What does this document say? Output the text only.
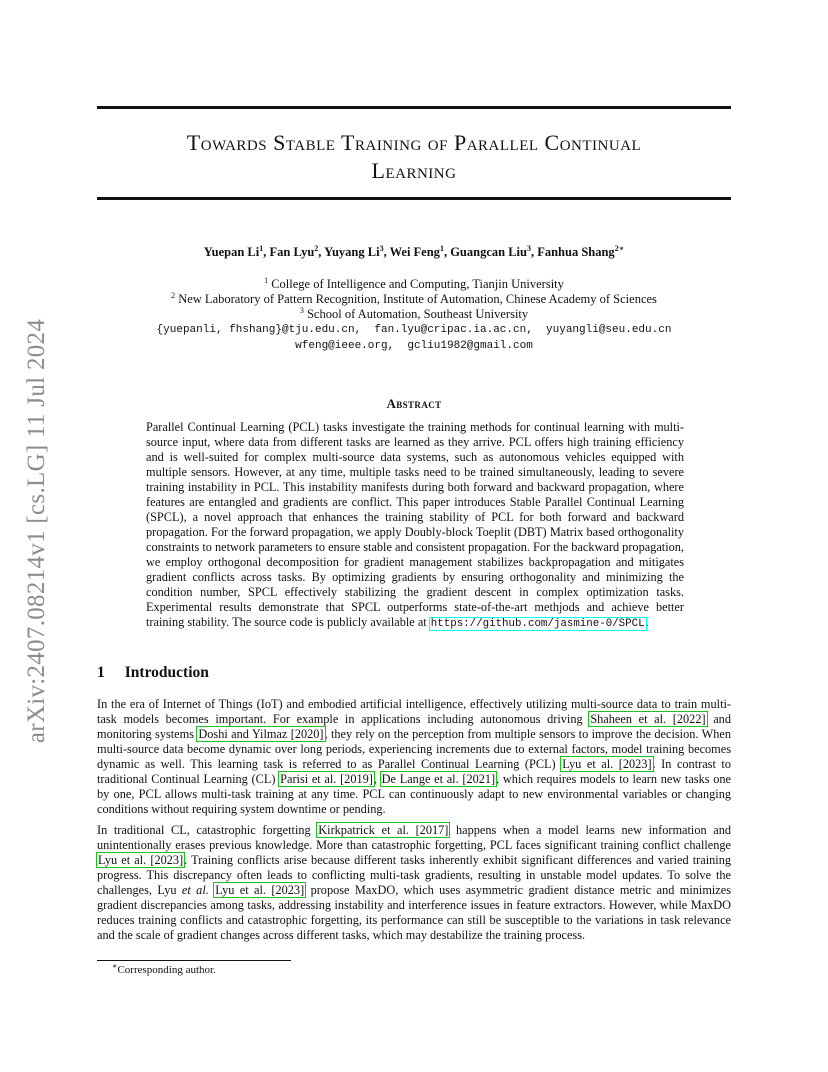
arXiv:2407.08214v1 [cs.LG] 11 Jul 2024
Towards Stable Training of Parallel Continual
Learning
Yuepan Li$^1$, Fan Lyu$^2$, Yuyang Li$^3$, Wei Feng$^1$, Guangcan Liu$^3$, Fanhua Shang$^{2∗}$
$^1$ College of Intelligence and Computing, Tianjin University
$^2$ New Laboratory of Pattern Recognition, Institute of Automation, Chinese Academy of Sciences
$^3$ School of Automation, Southeast University
{yuepanli, fhshang}@tju.edu.cn,  fan.lyu@cripac.ia.ac.cn,  yuyangli@seu.edu.cn
wfeng@ieee.org,  gcliu1982@gmail.com
Abstract
Parallel Continual Learning (PCL) tasks investigate the training methods for continual learning with multi-source input, where data from different tasks are learned as they arrive. PCL offers high training efficiency and is well-suited for complex multi-source data systems, such as autonomous vehicles equipped with multiple sensors. However, at any time, multiple tasks need to be trained simultaneously, leading to severe training instability in PCL. This instability manifests during both forward and backward propagation, where features are entangled and gradients are conflict. This paper introduces Stable Parallel Continual Learning (SPCL), a novel approach that enhances the training stability of PCL for both forward and backward propagation. For the forward propagation, we apply Doubly-block Toeplit (DBT) Matrix based orthogonality constraints to network parameters to ensure stable and consistent propagation. For the backward propagation, we employ orthogonal decomposition for gradient management stabilizes backpropagation and mitigates gradient conflicts across tasks. By optimizing gradients by ensuring orthogonality and minimizing the condition number, SPCL effectively stabilizing the gradient descent in complex optimization tasks. Experimental results demonstrate that SPCL outperforms state-of-the-art methjods and achieve better training stability. The source code is publicly available at https://github.com/jasmine-0/SPCL.
1 Introduction
In the era of Internet of Things (IoT) and embodied artificial intelligence, effectively utilizing multi-source data to train multi-task models becomes important. For example in applications including autonomous driving Shaheen et al. [2022] and monitoring systems Doshi and Yilmaz [2020], they rely on the perception from multiple sensors to improve the decision. When multi-source data become dynamic over long periods, experiencing increments due to external factors, model training becomes dynamic as well. This learning task is referred to as Parallel Continual Learning (PCL) Lyu et al. [2023]. In contrast to traditional Continual Learning (CL) Parisi et al. [2019], De Lange et al. [2021], which requires models to learn new tasks one by one, PCL allows multi-task training at any time. PCL can continuously adapt to new environmental variables or changing conditions without requiring system downtime or pending.
In traditional CL, catastrophic forgetting Kirkpatrick et al. [2017] happens when a model learns new information and unintentionally erases previous knowledge. More than catastrophic forgetting, PCL faces significant training conflict challenge Lyu et al. [2023]. Training conflicts arise because different tasks inherently exhibit significant differences and varied training progress. This discrepancy often leads to conflicting multi-task gradients, resulting in unstable model updates. To solve the challenges, Lyu et al. Lyu et al. [2023] propose MaxDO, which uses asymmetric gradient distance metric and minimizes gradient discrepancies among tasks, addressing instability and interference issues in feature extractors. However, while MaxDO reduces training conflicts and catastrophic forgetting, its performance can still be susceptible to the variations in task relevance and the scale of gradient changes across different tasks, which may destabilize the training process.
∗Corresponding author.
